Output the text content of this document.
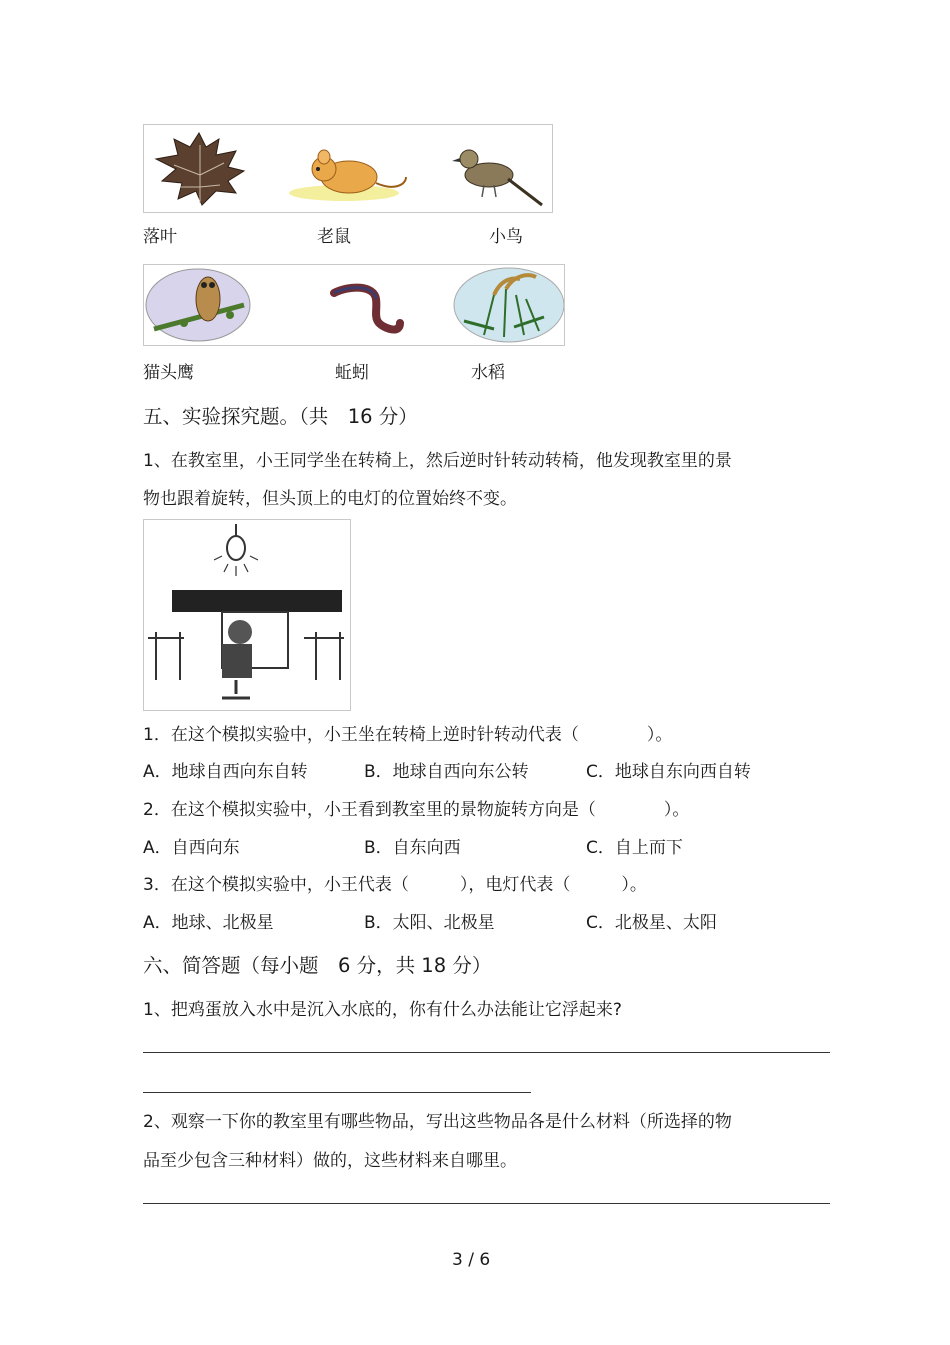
落叶	老鼠	小鸟
猫头鹰	蚯蚓	水稻
五、实验探究题。（共　16 分）
1、在教室里，小王同学坐在转椅上，然后逆时针转动转椅，他发现教室里的景
物也跟着旋转，但头顶上的电灯的位置始终不变。
1．在这个模拟实验中，小王坐在转椅上逆时针转动代表（　　　　）。
A．地球自西向东自转	B．地球自西向东公转	C．地球自东向西自转
2．在这个模拟实验中，小王看到教室里的景物旋转方向是（　　　　）。
A．自西向东	B．自东向西	C．自上而下
3．在这个模拟实验中，小王代表（　　　），电灯代表（　　　）。
A．地球、北极星	B．太阳、北极星	C．北极星、太阳
六、简答题（每小题　6 分，共 18 分）
1、把鸡蛋放入水中是沉入水底的，你有什么办法能让它浮起来?
2、观察一下你的教室里有哪些物品，写出这些物品各是什么材料（所选择的物
品至少包含三种材料）做的，这些材料来自哪里。
3 / 6
